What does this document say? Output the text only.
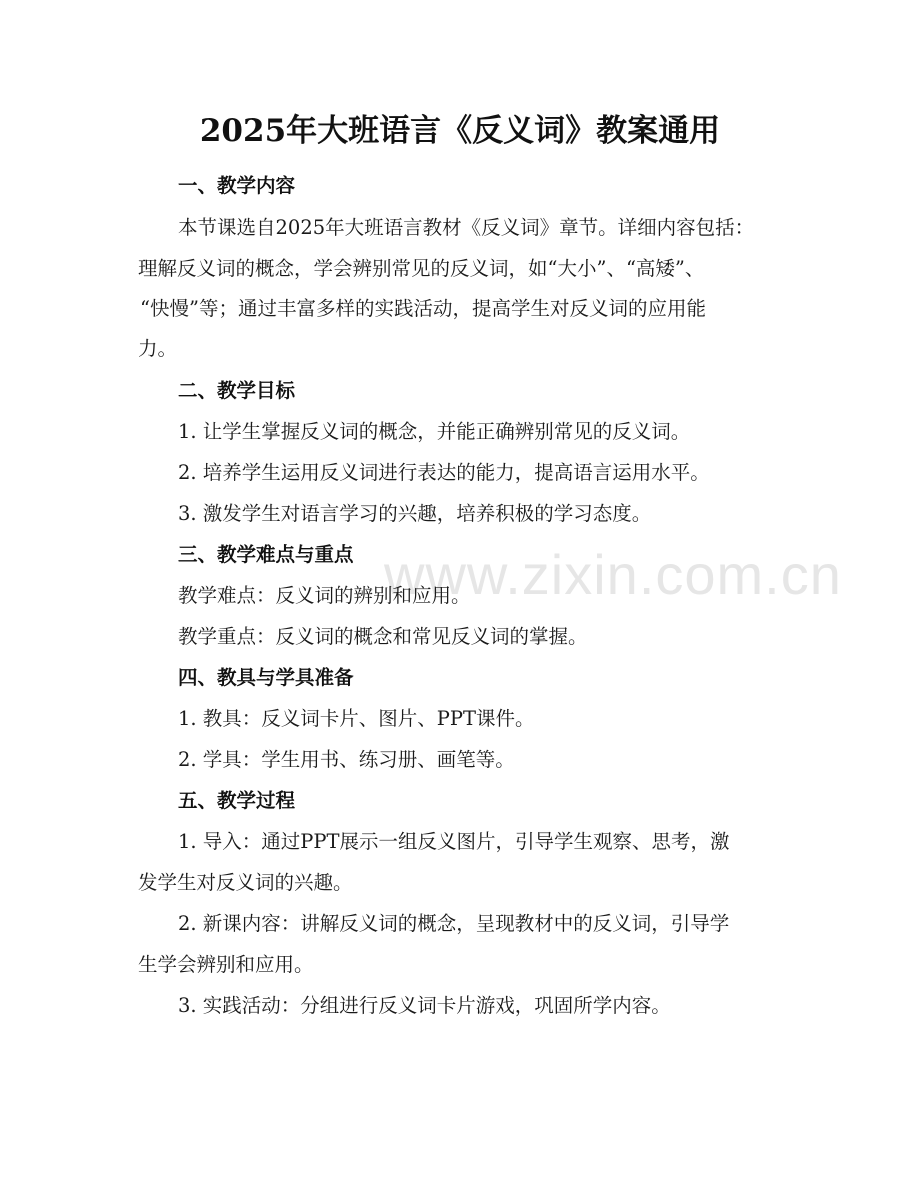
www.zixin.com.cn
2025年大班语言《反义词》教案通用
一、教学内容
本节课选自2025年大班语言教材《反义词》章节。详细内容包括：
理解反义词的概念，学会辨别常见的反义词，如“大小”、“高矮”、
“快慢”等；通过丰富多样的实践活动，提高学生对反义词的应用能
力。
二、教学目标
1. 让学生掌握反义词的概念，并能正确辨别常见的反义词。
2. 培养学生运用反义词进行表达的能力，提高语言运用水平。
3. 激发学生对语言学习的兴趣，培养积极的学习态度。
三、教学难点与重点
教学难点：反义词的辨别和应用。
教学重点：反义词的概念和常见反义词的掌握。
四、教具与学具准备
1. 教具：反义词卡片、图片、PPT课件。
2. 学具：学生用书、练习册、画笔等。
五、教学过程
1. 导入：通过PPT展示一组反义图片，引导学生观察、思考，激
发学生对反义词的兴趣。
2. 新课内容：讲解反义词的概念，呈现教材中的反义词，引导学
生学会辨别和应用。
3. 实践活动：分组进行反义词卡片游戏，巩固所学内容。
